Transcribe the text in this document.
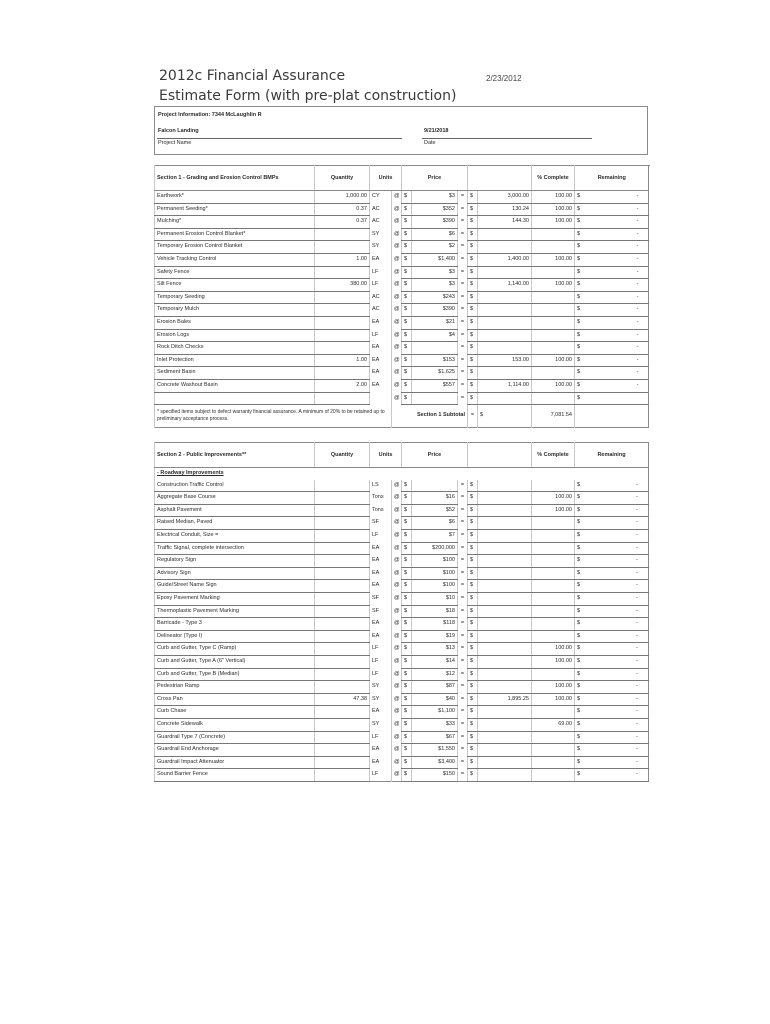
2012c Financial Assurance
Estimate Form (with pre-plat construction)
2/23/2012
Project Information: 7344 McLaughlin R
Falcon Landing
Project Name
9/21/2018
Date
Section 1 - Grading and Erosion Control BMPs	Quantity	Units		Price					% Complete	Remaining	
Earthwork*	1,000.00	CY	@	$	$3	=	$	3,000.00	100.00	$ -	

Permanent Seeding*	0.37	AC	@	$	$352	=	$	130.24	100.00	$ -	

Mulching*	0.37	AC	@	$	$390	=	$	144.30	100.00	$ -	

Permanent Erosion Control Blanket*		SY	@	$	$6	=	$			$ -	

Temporary Erosion Control Blanket		SY	@	$	$2	=	$			$ -	

Vehicle Tracking Control	1.00	EA	@	$	$1,400	=	$	1,400.00	100.00	$ -	

Safety Fence		LF	@	$	$3	=	$			$ -	

Silt Fence	380.00	LF	@	$	$3	=	$	1,140.00	100.00	$ -	

Temporary Seeding		AC	@	$	$243	=	$			$ -	

Temporary Mulch		AC	@	$	$390	=	$			$ -	

Erosion Bales		EA	@	$	$21	=	$			$ -	

Erosion Logs		LF	@	$	$4	=	$			$ -	

Rock Ditch Checks		EA	@	$		=	$			$ -	

Inlet Protection	1.00	EA	@	$	$153	=	$	153.00	100.00	$ -	

Sediment Basin		EA	@	$	$1,625	=	$			$ -	

Concrete Washout Basin	2.00	EA	@	$	$557	=	$	1,114.00	100.00	$ -	

			@	$		=	$			$	

* specified items subject to defect warranty financial assurance. A minimum of 20% to be retained up to preliminary acceptance process.			Section 1 Subtotal				=	$	7,081.54		
Section 2 - Public Improvements**	Quantity	Units		Price					% Complete	Remaining
- Roadway Improvements										
Construction Traffic Control		LS	@	$		=	$			$ -

Aggregate Base Course		Tons	@	$	$16	=	$		100.00	$ -

Asphalt Pavement		Tons	@	$	$52	=	$		100.00	$ -

Raised Median, Paved		SF	@	$	$6	=	$			$ -

Electrical Conduit, Size =		LF	@	$	$7	=	$			$ -

Traffic Signal, complete intersection		EA	@	$	$200,000	=	$			$ -

Regulatory Sign		EA	@	$	$100	=	$			$ -

Advisory Sign		EA	@	$	$100	=	$			$ -

Guide/Street Name Sign		EA	@	$	$100	=	$			$ -

Epoxy Pavement Marking		SF	@	$	$10	=	$			$ -

Thermoplastic Pavement Marking		SF	@	$	$18	=	$			$ -

Barricade - Type 3		EA	@	$	$118	=	$			$ -

Delineator (Type I)		EA	@	$	$19	=	$			$ -

Curb and Gutter, Type C (Ramp)		LF	@	$	$13	=	$		100.00	$ -

Curb and Gutter, Type A (6" Vertical)		LF	@	$	$14	=	$		100.00	$ -

Curb and Gutter, Type B (Median)		LF	@	$	$12	=	$			$ -

Pedestrian Ramp		SY	@	$	$87	=	$		100.00	$ -

Cross Pan	47.38	SY	@	$	$40	=	$	1,895.25	100.00	$ -

Curb Chase		EA	@	$	$1,100	=	$			$ -

Concrete Sidewalk		SY	@	$	$33	=	$		69.00	$ -

Guardrail Type 7 (Concrete)		LF	@	$	$67	=	$			$ -

Guardrail End Anchorage		EA	@	$	$1,550	=	$			$ -

Guardrail Impact Attenuator		EA	@	$	$3,400	=	$			$ -

Sound Barrier Fence		LF	@	$	$150	=	$			$ -
